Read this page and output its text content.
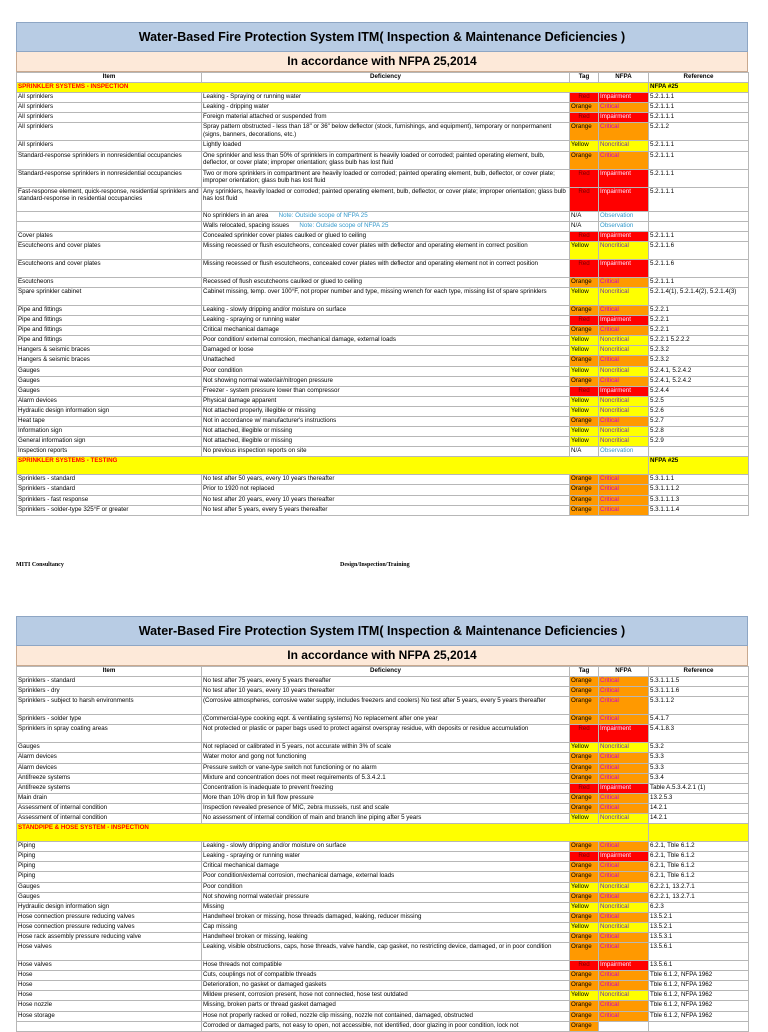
Water-Based Fire Protection System ITM( Inspection & Maintenance Deficiencies )
In accordance with NFPA 25,2014
Item	Deficiency	Tag	NFPA	Reference
SPRINKLER SYSTEMS - INSPECTION				NFPA #25
All sprinklers	Leaking - Spraying or running water	Red	Impairment	5.2.1.1.1
All sprinklers	Leaking - dripping water	Orange	Critical	5.2.1.1.1
All sprinklers	Foreign material attached or suspended from	Red	Impairment	5.2.1.1.1
All sprinklers	Spray pattern obstructed - less than 18" or 36" below deflector (stock, furnishings, and equipment), temporary or nonpermanent (signs, banners, decorations, etc.)	Orange	Critical	5.2.1.2
All sprinklers	Lightly loaded	Yellow	Noncritical	5.2.1.1.1
Standard-response sprinklers in nonresidential occupancies	One sprinkler and less than 50% of sprinklers in compartment is heavily loaded or corroded; painted operating element, bulb, deflector, or cover plate; improper orientation; glass bulb has lost fluid	Orange	Critical	5.2.1.1.1
Standard-response sprinklers in nonresidential occupancies	Two or more sprinklers in compartment are heavily loaded or corroded; painted operating element, bulb, deflector, or cover plate; improper orientation; glass bulb has lost fluid	Red	Impairment	5.2.1.1.1
Fast-response element, quick-response, residential sprinklers and standard-response in residential occupancies	Any sprinklers, heavily loaded or corroded; painted operating element, bulb, deflector, or cover plate; improper orientation; glass bulb has lost fluid	Red	Impairment	5.2.1.1.1
	No sprinklers in an area Note: Outside scope of NFPA 25	N/A	Observation	
	Walls relocated, spacing issues Note: Outside scope of NFPA 25	N/A	Observation	
Cover plates	Concealed sprinkler cover plates caulked or glued to ceiling	Red	Impairment	5.2.1.1.1
Escutcheons and cover plates	Missing recessed or flush escutcheons, concealed cover plates with deflector and operating element in correct position	Yellow	Noncritical	5.2.1.1.6
Escutcheons and cover plates	Missing recessed or flush escutcheons, concealed cover plates with deflector and operating element not in correct position	Red	Impairment	5.2.1.1.6
Escutcheons	Recessed of flush escutcheons caulked or glued to ceiling	Orange	Critical	5.2.1.1.1
Spare sprinkler cabinet	Cabinet missing, temp. over 100°F, not proper number and type, missing wrench for each type, missing list of spare sprinklers	Yellow	Noncritical	5.2.1.4(1), 5.2.1.4(2), 5.2.1.4(3)
Pipe and fittings	Leaking - slowly dripping and/or moisture on surface	Orange	Critical	5.2.2.1
Pipe and fittings	Leaking - spraying or running water	Red	Impairment	5.2.2.1
Pipe and fittings	Critical mechanical damage	Orange	Critical	5.2.2.1
Pipe and fittings	Poor condition/ external corrosion, mechanical damage, external loads	Yellow	Noncritical	5.2.2.1 5.2.2.2
Hangers & seismic braces	Damaged or loose	Yellow	Noncritical	5.2.3.2
Hangers & seismic braces	Unattached	Orange	Critical	5.2.3.2
Gauges	Poor condition	Yellow	Noncritical	5.2.4.1, 5.2.4.2
Gauges	Not showing normal water/air/nitrogen pressure	Orange	Critical	5.2.4.1, 5.2.4.2
Gauges	Freezer - system pressure lower than compressor	Red	Impairment	5.2.4.4
Alarm devices	Physical damage apparent	Yellow	Noncritical	5.2.5
Hydraulic design information sign	Not attached properly, illegible or missing	Yellow	Noncritical	5.2.6
Heat tape	Not in accordance w/ manufacturer's instructions	Orange	Critical	5.2.7
Information sign	Not attached, illegible or missing	Yellow	Noncritical	5.2.8
General information sign	Not attached, illegible or missing	Yellow	Noncritical	5.2.9
Inspection reports	No previous inspection reports on site	N/A	Observation	
SPRINKLER SYSTEMS - TESTING				NFPA #25
Sprinklers - standard	No test after 50 years, every 10 years thereafter	Orange	Critical	5.3.1.1.1
Sprinklers - standard	Prior to 1920 not replaced	Orange	Critical	5.3.1.1.1.2
Sprinklers - fast response	No test after 20 years, every 10 years thereafter	Orange	Critical	5.3.1.1.1.3
Sprinklers - solder-type 325°F or greater	No test after 5 years, every 5 years thereafter	Orange	Critical	5.3.1.1.1.4
MITI Consultancy	Design/Inspection/Training
Water-Based Fire Protection System ITM( Inspection & Maintenance Deficiencies )
In accordance with NFPA 25,2014
Item	Deficiency	Tag	NFPA	Reference
Sprinklers - standard	No test after 75 years, every 5 years thereafter	Orange	Critical	5.3.1.1.1.5
Sprinklers - dry	No test after 10 years, every 10 years thereafter	Orange	Critical	5.3.1.1.1.6
Sprinklers - subject to harsh environments	(Corrosive atmospheres, corrosive water supply, includes freezers and coolers) No test after 5 years, every 5 years thereafter	Orange	Critical	5.3.1.1.2
Sprinklers - solder type	(Commercial-type cooking eqpt. & ventilating systems) No replacement after one year	Orange	Critical	5.4.1.7
Sprinklers in spray coating areas	Not protected or plastic or paper bags used to protect against overspray residue, with deposits or residue accumulation	Red	Impairment	5.4.1.8.3
Gauges	Not replaced or calibrated in 5 years, not accurate within 3% of scale	Yellow	Noncritical	5.3.2
Alarm devices	Water motor and gong not functioning	Orange	Critical	5.3.3
Alarm devices	Pressure switch or vane-type switch not functioning or no alarm	Orange	Critical	5.3.3
Antifreeze systems	Mixture and concentration does not meet requirements of 5.3.4.2.1	Orange	Critical	5.3.4
Antifreeze systems	Concentration is inadequate to prevent freezing	Red	Impairment	Table A.5.3.4.2.1 (1)
Main drain	More than 10% drop in full flow pressure	Orange	Critical	13.2.5.3
Assessment of internal condition	Inspection revealed presence of MIC, zebra mussels, rust and scale	Orange	Critical	14.2.1
Assessment of internal condition	No assessment of internal condition of main and branch line piping after 5 years	Yellow	Noncritical	14.2.1
STANDPIPE & HOSE SYSTEM - INSPECTION				
Piping	Leaking - slowly dripping and/or moisture on surface	Orange	Critical	6.2.1, Tble 6.1.2
Piping	Leaking - spraying or running water	Red	Impairment	6.2.1, Tble 6.1.2
Piping	Critical mechanical damage	Orange	Critical	6.2.1, Tble 6.1.2
Piping	Poor condition/external corrosion, mechanical damage, external loads	Orange	Critical	6.2.1, Tble 6.1.2
Gauges	Poor condition	Yellow	Noncritical	6.2.2.1, 13.2.7.1
Gauges	Not showing normal water/air pressure	Orange	Critical	6.2.2.1, 13.2.7.1
Hydraulic design information sign	Missing	Yellow	Noncritical	6.2.3
Hose connection pressure reducing valves	Handwheel broken or missing, hose threads damaged, leaking, reducer missing	Orange	Critical	13.5.2.1
Hose connection pressure reducing valves	Cap missing	Yellow	Noncritical	13.5.2.1
Hose rack assembly pressure reducing valve	Handwheel broken or missing, leaking	Orange	Critical	13.5.3.1
Hose valves	Leaking, visible obstructions, caps, hose threads, valve handle, cap gasket, no restricting device, damaged, or in poor condition	Orange	Critical	13.5.6.1
Hose valves	Hose threads not compatible	Red	Impairment	13.5.6.1
Hose	Cuts, couplings not of compatible threads	Orange	Critical	Tble 6.1.2, NFPA 1962
Hose	Deterioration, no gasket or damaged gaskets	Orange	Critical	Tble 6.1.2, NFPA 1962
Hose	Mildew present, corrosion present, hose not connected, hose test outdated	Yellow	Noncritical	Tble 6.1.2, NFPA 1962
Hose nozzle	Missing, broken parts or thread gasket damaged	Orange	Critical	Tble 6.1.2, NFPA 1962
Hose storage	Hose not properly racked or rolled, nozzle clip missing, nozzle not contained, damaged, obstructed	Orange	Critical	Tble 6.1.2, NFPA 1962
	Corroded or damaged parts, not easy to open, not accessible, not identified, door glazing in poor condition, lock not	Orange		
